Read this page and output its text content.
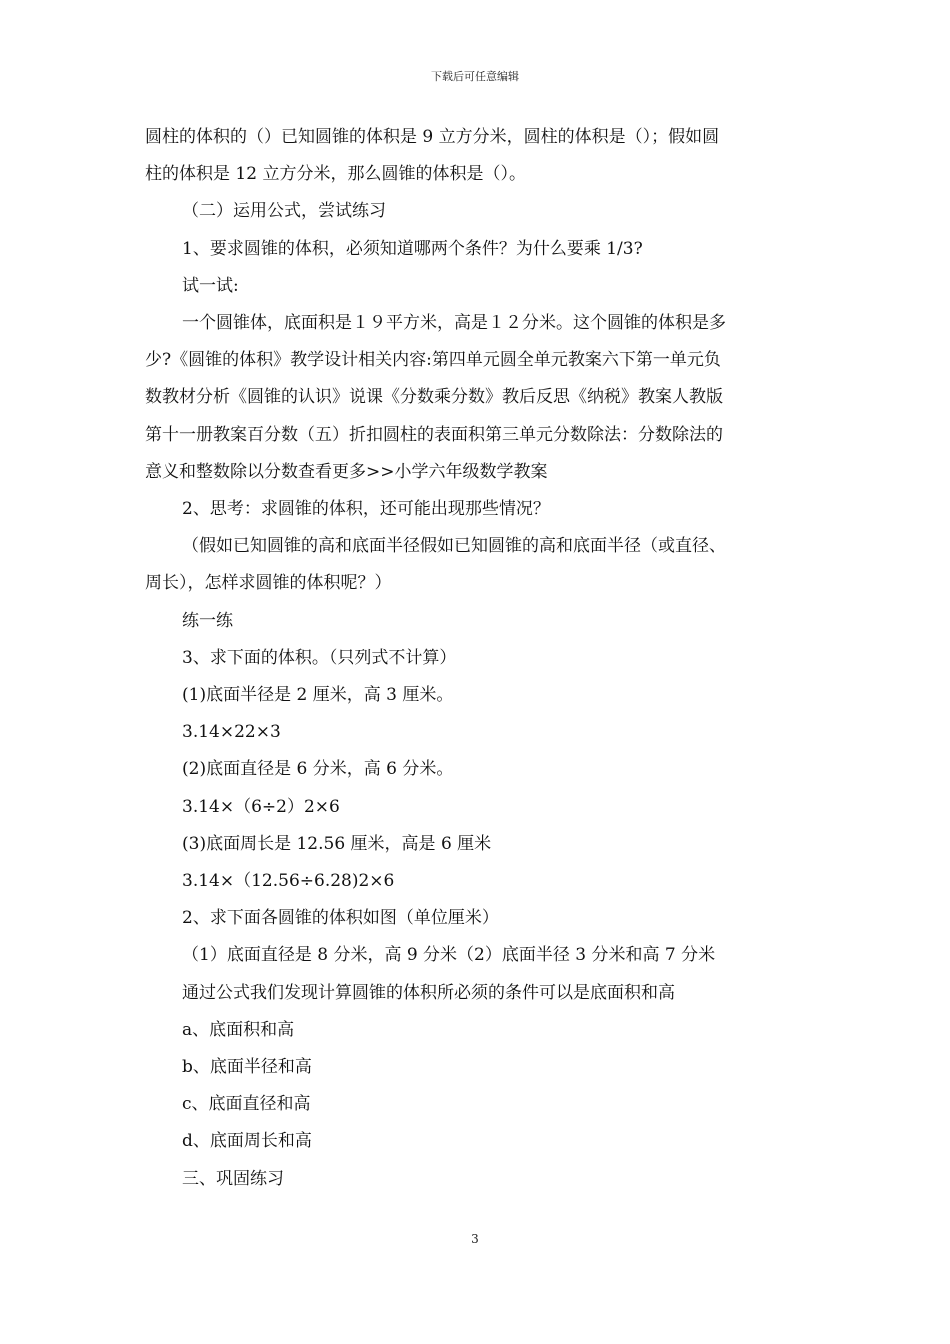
下载后可任意编辑

圆柱的体积的（）已知圆锥的体积是 9 立方分米，圆柱的体积是（）；假如圆

柱的体积是 12 立方分米，那么圆锥的体积是（）。

（二）运用公式，尝试练习

1、要求圆锥的体积，必须知道哪两个条件？为什么要乘 1/3?

试一试:

一个圆锥体，底面积是１９平方米，高是１２分米。这个圆锥的体积是多

少?《圆锥的体积》教学设计相关内容:第四单元圆全单元教案六下第一单元负

数教材分析《圆锥的认识》说课《分数乘分数》教后反思《纳税》教案人教版

第十一册教案百分数（五）折扣圆柱的表面积第三单元分数除法：分数除法的

意义和整数除以分数查看更多>>小学六年级数学教案

2、思考：求圆锥的体积，还可能出现那些情况？

（假如已知圆锥的高和底面半径假如已知圆锥的高和底面半径（或直径、

周长），怎样求圆锥的体积呢？）

练一练

3、求下面的体积。（只列式不计算）

(1)底面半径是 2 厘米，高 3 厘米。

3.14×22×3

(2)底面直径是 6 分米，高 6 分米。

3.14×（6÷2）2×6

(3)底面周长是 12.56 厘米，高是 6 厘米

3.14×（12.56÷6.28)2×6

2、求下面各圆锥的体积如图（单位厘米）

（1）底面直径是 8 分米，高 9 分米（2）底面半径 3 分米和高 7 分米

通过公式我们发现计算圆锥的体积所必须的条件可以是底面积和高

a、底面积和高

b、底面半径和高

c、底面直径和高

d、底面周长和高

三、巩固练习

3
